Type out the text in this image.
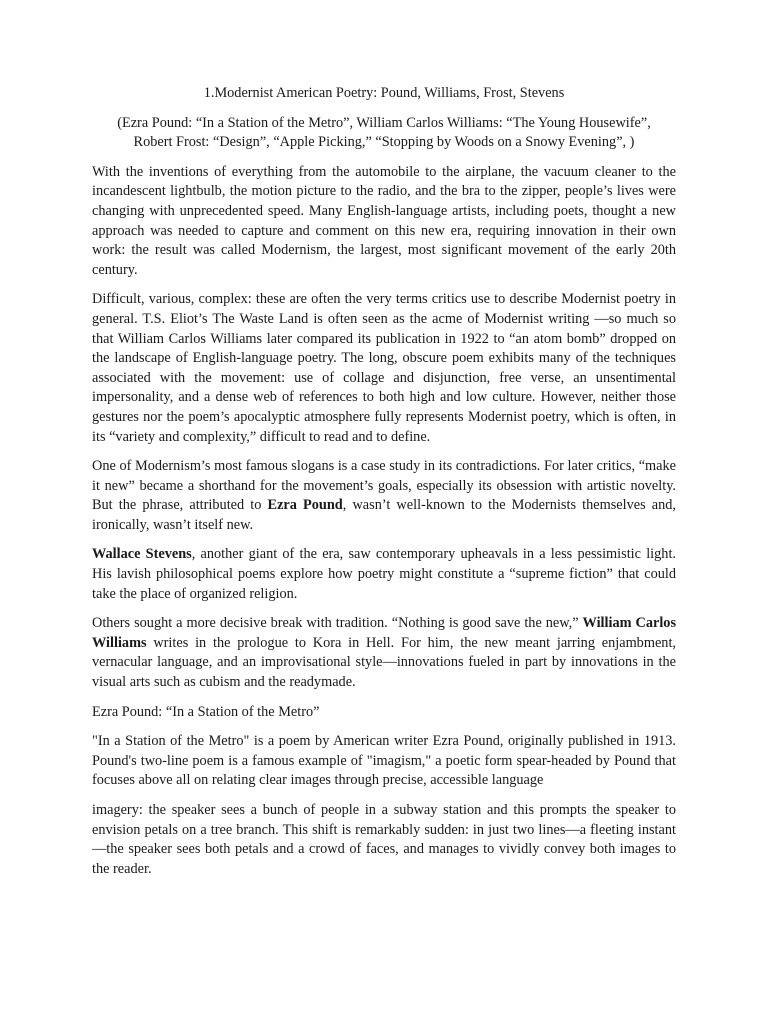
1.Modernist American Poetry: Pound, Williams, Frost, Stevens
(Ezra Pound: “In a Station of the Metro”, William Carlos Williams: “The Young Housewife”,
Robert Frost: “Design”, “Apple Picking,” “Stopping by Woods on a Snowy Evening”, )

With the inventions of everything from the automobile to the airplane, the vacuum cleaner to the incandescent lightbulb, the motion picture to the radio, and the bra to the zipper, people’s lives were changing with unprecedented speed. Many English-language artists, including poets, thought a new approach was needed to capture and comment on this new era, requiring innovation in their own work: the result was called Modernism, the largest, most significant movement of the early 20th century.

Difficult, various, complex: these are often the very terms critics use to describe Modernist poetry in general. T.S. Eliot’s The Waste Land is often seen as the acme of Modernist writing —so much so that William Carlos Williams later compared its publication in 1922 to “an atom bomb” dropped on the landscape of English-language poetry. The long, obscure poem exhibits many of the techniques associated with the movement: use of collage and disjunction, free verse, an unsentimental impersonality, and a dense web of references to both high and low culture. However, neither those gestures nor the poem’s apocalyptic atmosphere fully represents Modernist poetry, which is often, in its “variety and complexity,” difficult to read and to define.

One of Modernism’s most famous slogans is a case study in its contradictions. For later critics, “make it new” became a shorthand for the movement’s goals, especially its obsession with artistic novelty. But the phrase, attributed to Ezra Pound, wasn’t well-known to the Modernists themselves and, ironically, wasn’t itself new.

Wallace Stevens, another giant of the era, saw contemporary upheavals in a less pessimistic light. His lavish philosophical poems explore how poetry might constitute a “supreme fiction” that could take the place of organized religion.

Others sought a more decisive break with tradition. “Nothing is good save the new,” William Carlos Williams writes in the prologue to Kora in Hell. For him, the new meant jarring enjambment, vernacular language, and an improvisational style—innovations fueled in part by innovations in the visual arts such as cubism and the readymade.

Ezra Pound: “In a Station of the Metro”

"In a Station of the Metro" is a poem by American writer Ezra Pound, originally published in 1913. Pound's two-line poem is a famous example of "imagism," a poetic form spear-headed by Pound that focuses above all on relating clear images through precise, accessible language

imagery: the speaker sees a bunch of people in a subway station and this prompts the speaker to envision petals on a tree branch. This shift is remarkably sudden: in just two lines—a fleeting instant—the speaker sees both petals and a crowd of faces, and manages to vividly convey both images to the reader.
